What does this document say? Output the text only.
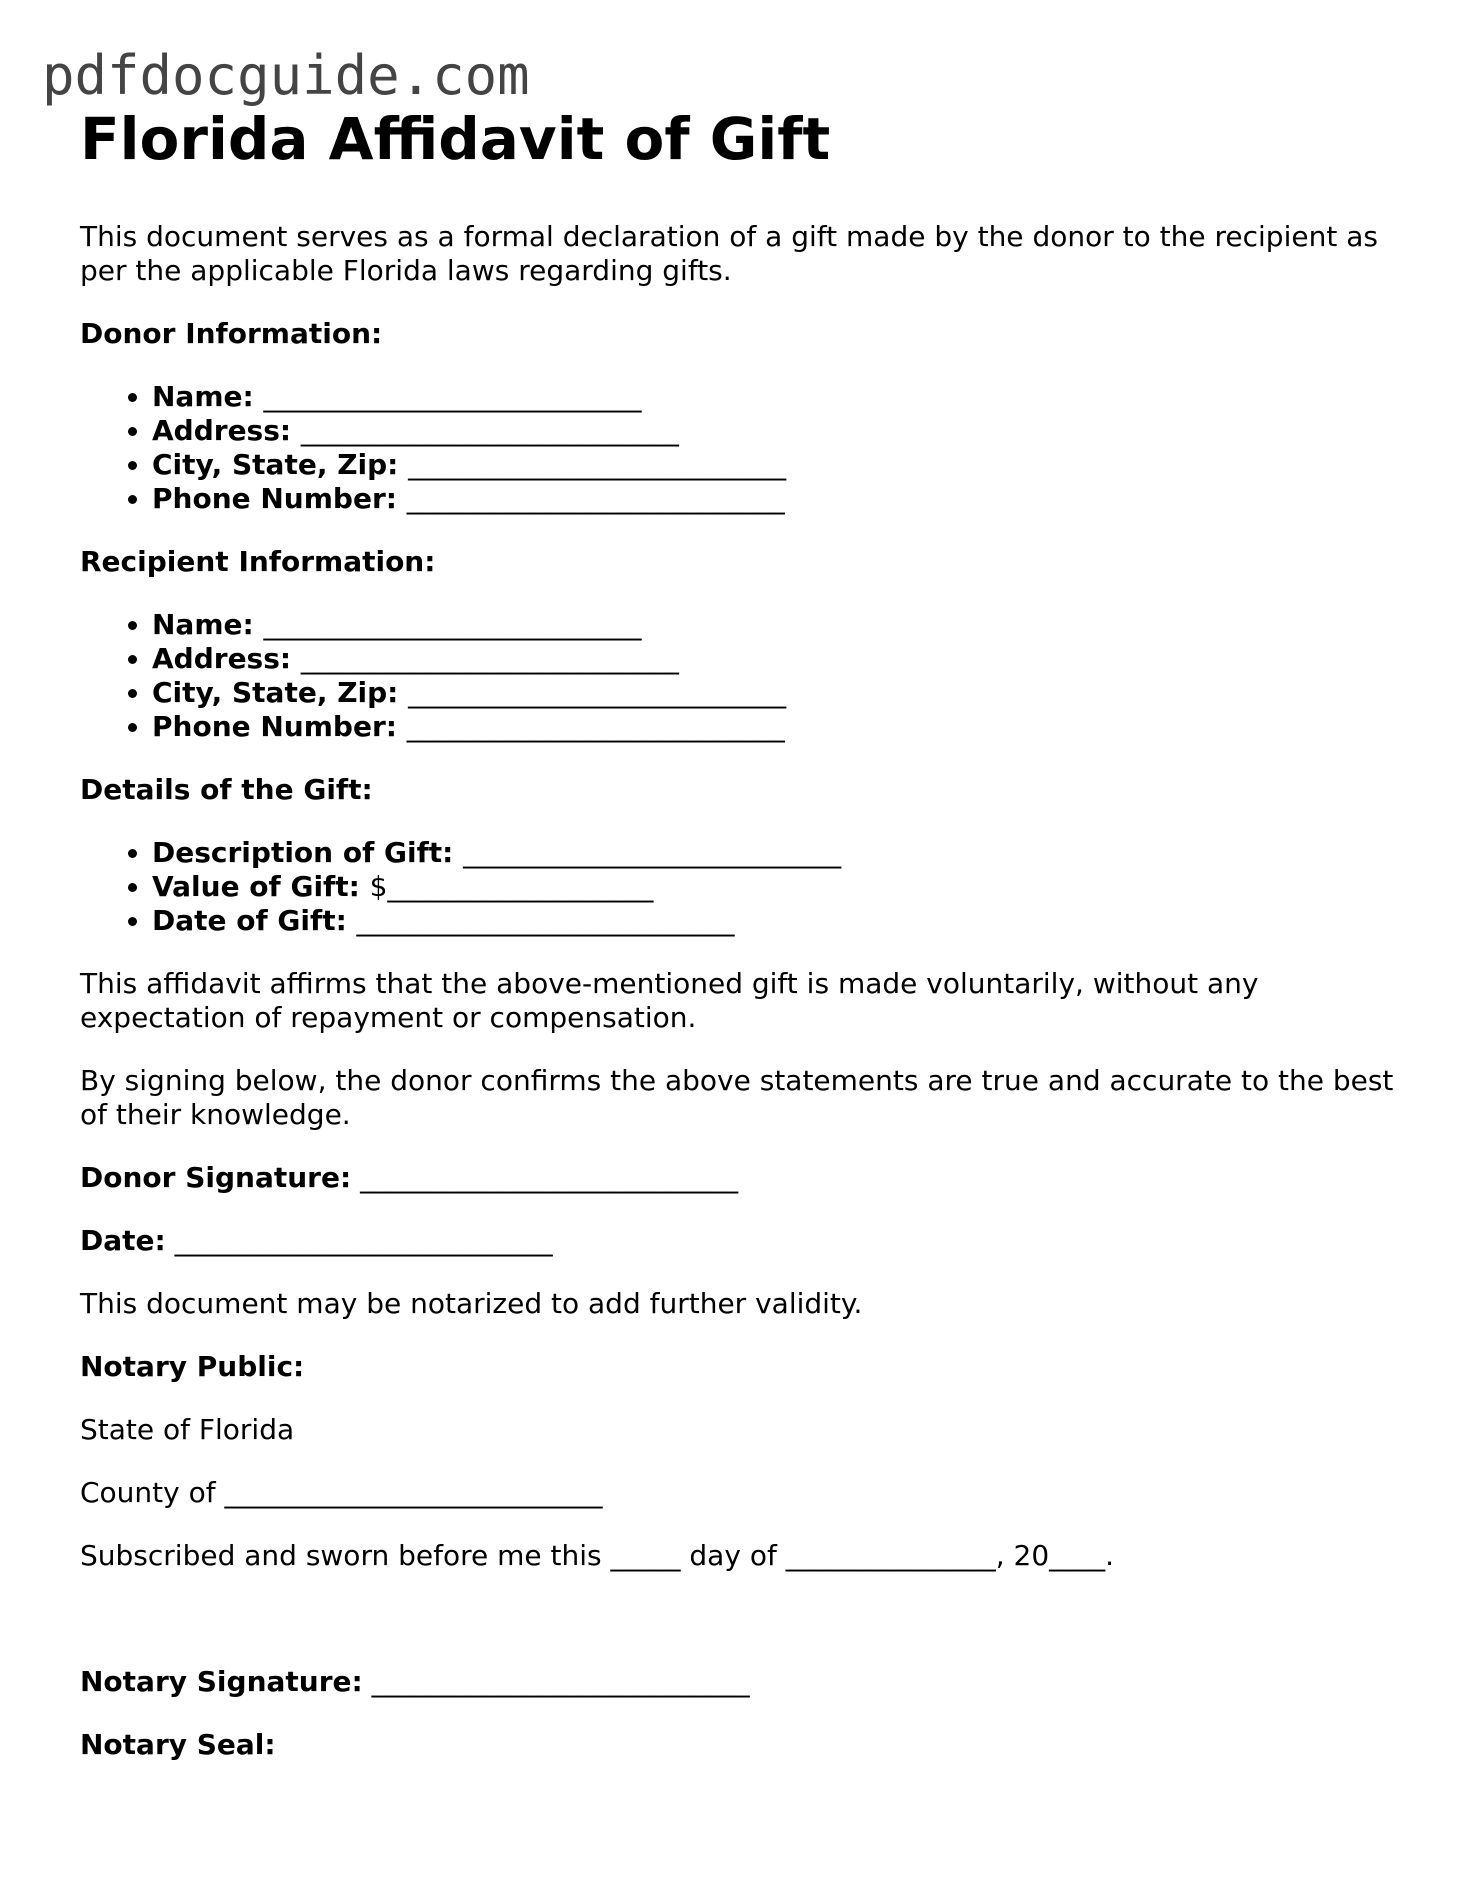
pdfdocguide.com
Florida Affidavit of Gift

This document serves as a formal declaration of a gift made by the donor to the recipient as per the applicable Florida laws regarding gifts.

Donor Information:

• Name: ___________________________
• Address: ___________________________
• City, State, Zip: ___________________________
• Phone Number: ___________________________

Recipient Information:

• Name: ___________________________
• Address: ___________________________
• City, State, Zip: ___________________________
• Phone Number: ___________________________

Details of the Gift:

• Description of Gift: ___________________________
• Value of Gift: $___________________
• Date of Gift: ___________________________

This affidavit affirms that the above-mentioned gift is made voluntarily, without any expectation of repayment or compensation.

By signing below, the donor confirms the above statements are true and accurate to the best of their knowledge.

Donor Signature: ___________________________

Date: ___________________________

This document may be notarized to add further validity.

Notary Public:

State of Florida

County of ___________________________

Subscribed and sworn before me this _____ day of _______________, 20____.

Notary Signature: ___________________________

Notary Seal:
